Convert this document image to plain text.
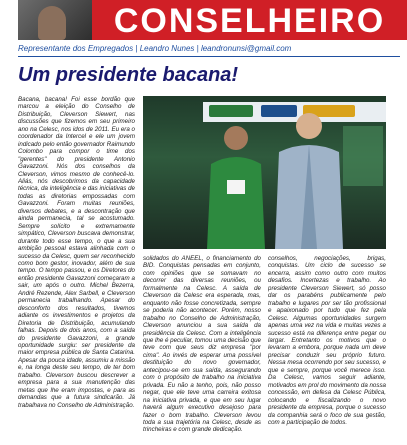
CONSELHEIRO
Representante dos Empregados | Leandro Nunes | leandronunsi@gmail.com
Um presidente bacana!
Bacana, bacana! Foi esse bordão que marcou a eleição do Conselho de Distribuição, Cleverson Siewert, nas discussões que fizemos em seu primeiro ano na Celesc, nos idos de 2011. Eu era o coordenador da Intercel e ele um jovem indicado pelo então governador Raimundo Colombo para compor o time dos "gerentes" do presidente Antonio Gavazzoni. Nós dos conselhos da Cleverson, vimos mesmo de conhecê-lo. Aliás, nós descobrimos da capacidade técnica, da inteligência e das iniciativas de todas as diretorias empossadas com Gavazzoni. Foram muitas reuniões, diversos debates, e a descontração que ainda permanecia, tal se acostumado. Sempre solícito e extremamente simpático, Cleverson buscava demonstrar, durante todo esse tempo, o que a sua ambição pessoal estava alinhada com o sucesso da Celesc, quem ser reconhecido como bom gestor, inovador, além de sua tempo. O tempo passou, e os Diretores do então presidente Gavazzoni começaram a sair, um após o outro. Michel Bezerra, André Rezende, Alex Sarbell, e Cleverson permanecia trabalhando. Apesar do desconforto dos resultados, tivemos adiante os investimentos e projetos da Diretoria de Distribuição, acumulando falhas. Depois de dois anos, com a saída do presidente Gavazzoni, a grande oportunidade surgiu: ser presidente da maior empresa pública de Santa Catarina. Apesar da pouca idade, assumiu a missão e, na longa deste seu tempo, de ter bom trabalho. Cleverson buscou descrever a empresa para a sua manutenção das metas que lhe eram impostas, e para as demandas que a futura sindicarão. Já trabalhava no Conselho de Administração.
solidados do ANEEL, o financiamento do BID. Conquistas pensadas em conjunto, com opiniões que se somavam no decorrer das diversas reuniões, ou formalmente na Celesc. A saída de Cleverson da Celesc era esperada, mas, enquanto não fosse concretizada, sempre se poderia não acontecer. Porém, nosso trabalho no Conselho de Administração, Cleverson anunciou a sua saída da presidência da Celesc. Com a inteligência que lhe é peculiar, tomou uma decisão que teve com que seus diz empresa "por cima". Ao invés de esperar uma possível destituição do novo governador, antecipou-se em sua saída, assegurando com o propósito de trabalho na iniciativa privada. Eu não a tenho, pois, não posso negar, que ele teve uma carreira exitosa na iniciativa privada, e que em seu lugar haverá algum executivo desejoso para fazer o bom trabalho. Cleverson levou toda a sua trajetória na Celesc, desde as trincheiras e com grande dedicação.
conselhos, negociações, brigas, conquistas. Um ciclo de sucesso se encerra, assim como outro com muitos desafios. Incertezas e trabalho. Ao presidente Cleverson Siewert, só posso dar os parabéns publicamente pelo trabalho e lugares por ser tão profissional e apaixonado por tudo que fez pela Celesc. Algumas oportunidades surgem apenas uma vez na vida e muitas vezes a sucesso está na diferença entre pegar ou largar. Entretanto os motivos que o levaram a embora, porque nada um deve precisar conduzir seu próprio futuro. Nessa mesa ocorrendo por seu sucesso, e que e sempre, porque você merece isso. Da Celesc, vamos seguir adiante, motivados em prol do movimento da nossa concessão, em defesa da Celesc Pública, colocando e fiscalizando o novo presidente da empresa, porque o sucesso da companhia será o foco de sua gestão, com a participação de todos.
